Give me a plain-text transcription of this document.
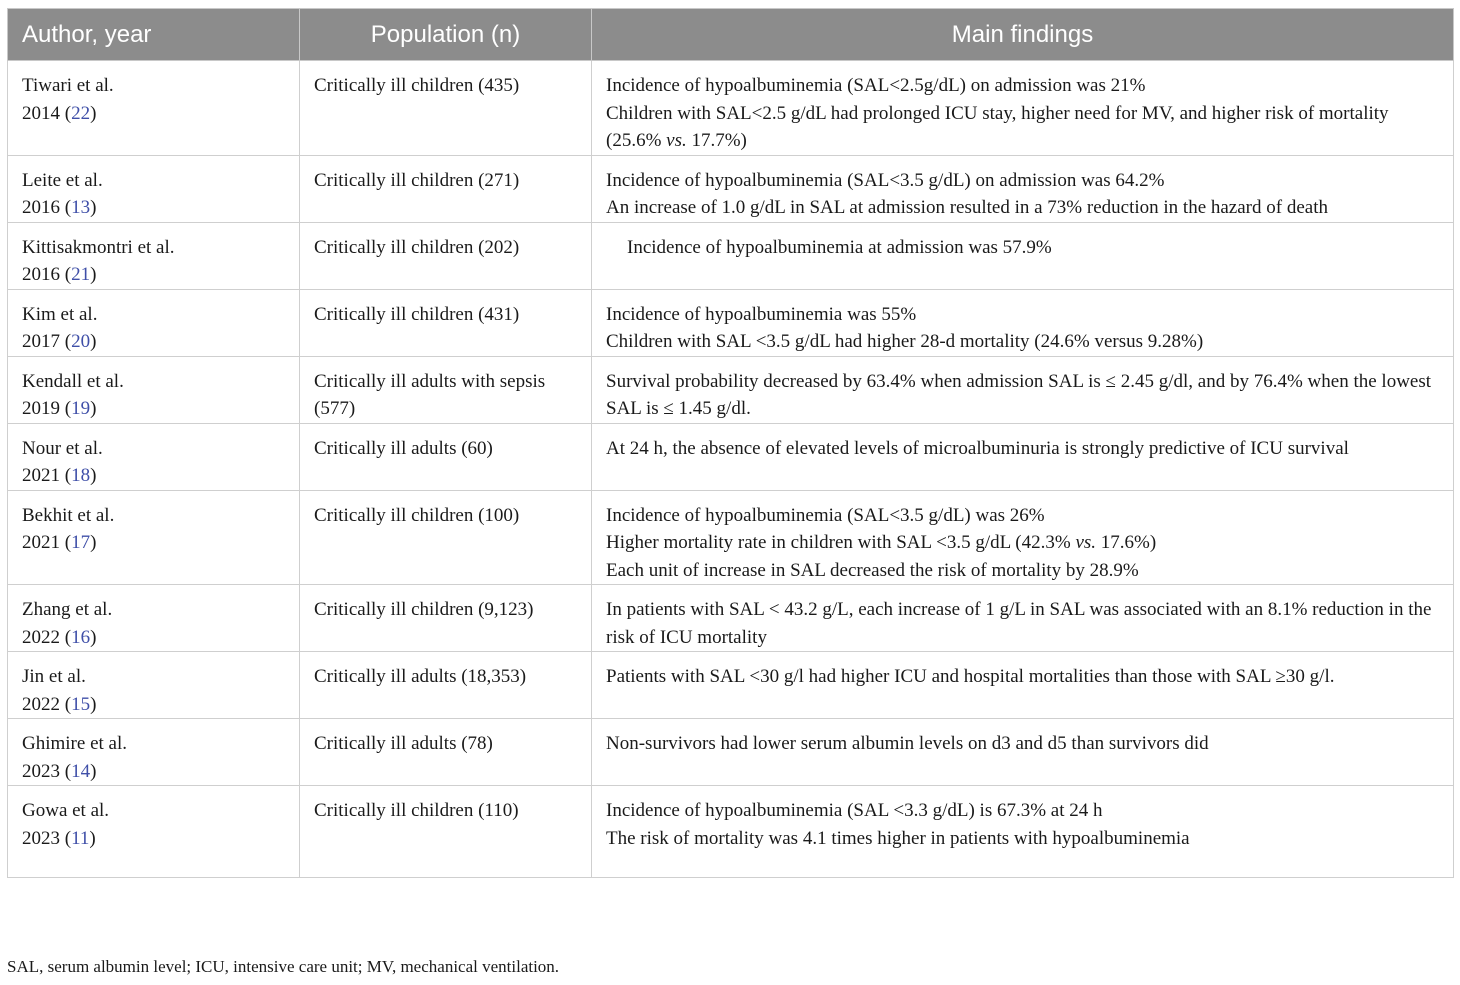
Author, year	Population (n)	Main findings

Tiwari et al.
2014 (22)	Critically ill children (435)	Incidence of hypoalbuminemia (SAL<2.5g/dL) on admission was 21%
Children with SAL<2.5 g/dL had prolonged ICU stay, higher need for MV, and higher risk of mortality (25.6% vs. 17.7%)

Leite et al.
2016 (13)	Critically ill children (271)	Incidence of hypoalbuminemia (SAL<3.5 g/dL) on admission was 64.2%
An increase of 1.0 g/dL in SAL at admission resulted in a 73% reduction in the hazard of death

Kittisakmontri et al.
2016 (21)	Critically ill children (202)	Incidence of hypoalbuminemia at admission was 57.9%

Kim et al.
2017 (20)	Critically ill children (431)	Incidence of hypoalbuminemia was 55%
Children with SAL <3.5 g/dL had higher 28-d mortality (24.6% versus 9.28%)

Kendall et al.
2019 (19)	Critically ill adults with sepsis (577)	Survival probability decreased by 63.4% when admission SAL is ≤ 2.45 g/dl, and by 76.4% when the lowest SAL is ≤ 1.45 g/dl.

Nour et al.
2021 (18)	Critically ill adults (60)	At 24 h, the absence of elevated levels of microalbuminuria is strongly predictive of ICU survival

Bekhit et al.
2021 (17)	Critically ill children (100)	Incidence of hypoalbuminemia (SAL<3.5 g/dL) was 26%
Higher mortality rate in children with SAL <3.5 g/dL (42.3% vs. 17.6%)
Each unit of increase in SAL decreased the risk of mortality by 28.9%

Zhang et al.
2022 (16)	Critically ill children (9,123)	In patients with SAL < 43.2 g/L, each increase of 1 g/L in SAL was associated with an 8.1% reduction in the risk of ICU mortality

Jin et al.
2022 (15)	Critically ill adults (18,353)	Patients with SAL <30 g/l had higher ICU and hospital mortalities than those with SAL ≥30 g/l.

Ghimire et al.
2023 (14)	Critically ill adults (78)	Non-survivors had lower serum albumin levels on d3 and d5 than survivors did

Gowa et al.
2023 (11)	Critically ill children (110)	Incidence of hypoalbuminemia (SAL <3.3 g/dL) is 67.3% at 24 h
The risk of mortality was 4.1 times higher in patients with hypoalbuminemia
SAL, serum albumin level; ICU, intensive care unit; MV, mechanical ventilation.
